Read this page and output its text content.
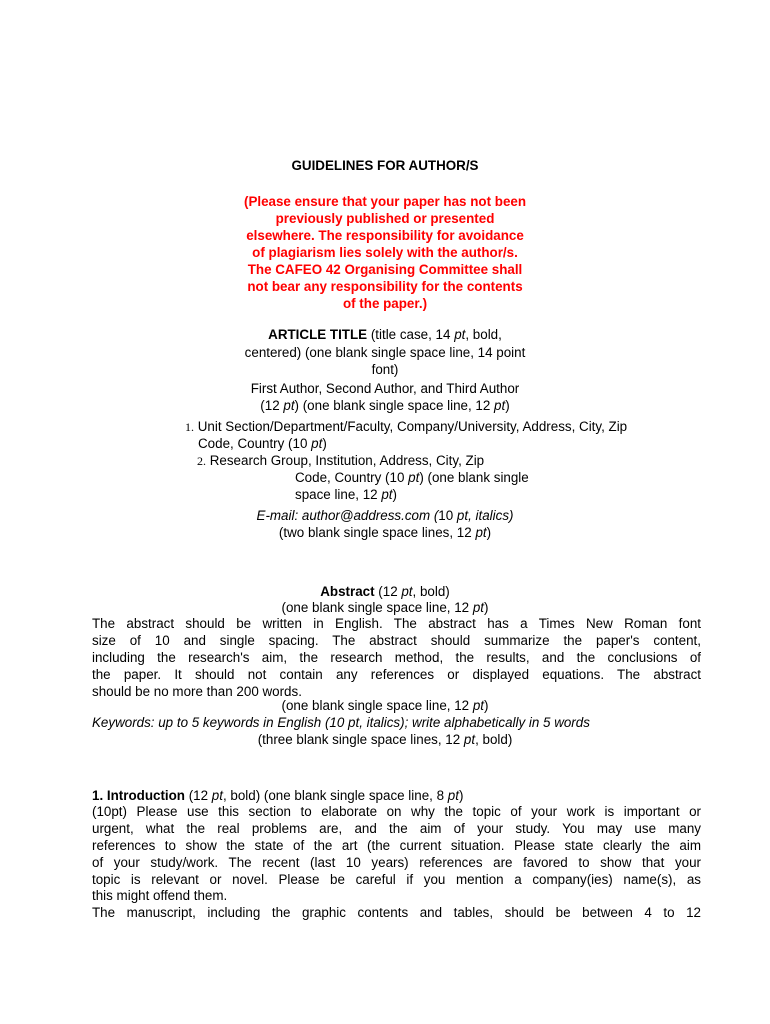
GUIDELINES FOR AUTHOR/S
(Please ensure that your paper has not been
previously published or presented
elsewhere. The responsibility for avoidance
of plagiarism lies solely with the author/s.
The CAFEO 42 Organising Committee shall
not bear any responsibility for the contents
of the paper.)
ARTICLE TITLE (title case, 14 pt, bold,
centered) (one blank single space line, 14 point
font)
First Author, Second Author, and Third Author
(12 pt) (one blank single space line, 12 pt)
1. Unit Section/Department/Faculty, Company/University, Address, City, Zip
Code, Country (10 pt)
2. Research Group, Institution, Address, City, Zip
Code, Country (10 pt) (one blank single
space line, 12 pt)
E-mail: author@address.com (10 pt, italics)
(two blank single space lines, 12 pt)
Abstract (12 pt, bold)
(one blank single space line, 12 pt)
The abstract should be written in English. The abstract has a Times New Roman font
size of 10 and single spacing. The abstract should summarize the paper's content,
including the research's aim, the research method, the results, and the conclusions of
the paper. It should not contain any references or displayed equations. The abstract
should be no more than 200 words.
(one blank single space line, 12 pt)
Keywords: up to 5 keywords in English (10 pt, italics); write alphabetically in 5 words
(three blank single space lines, 12 pt, bold)
1. Introduction (12 pt, bold) (one blank single space line, 8 pt)
(10pt) Please use this section to elaborate on why the topic of your work is important or
urgent, what the real problems are, and the aim of your study. You may use many
references to show the state of the art (the current situation. Please state clearly the aim
of your study/work. The recent (last 10 years) references are favored to show that your
topic is relevant or novel. Please be careful if you mention a company(ies) name(s), as
this might offend them.
The manuscript, including the graphic contents and tables, should be between 4 to 12
